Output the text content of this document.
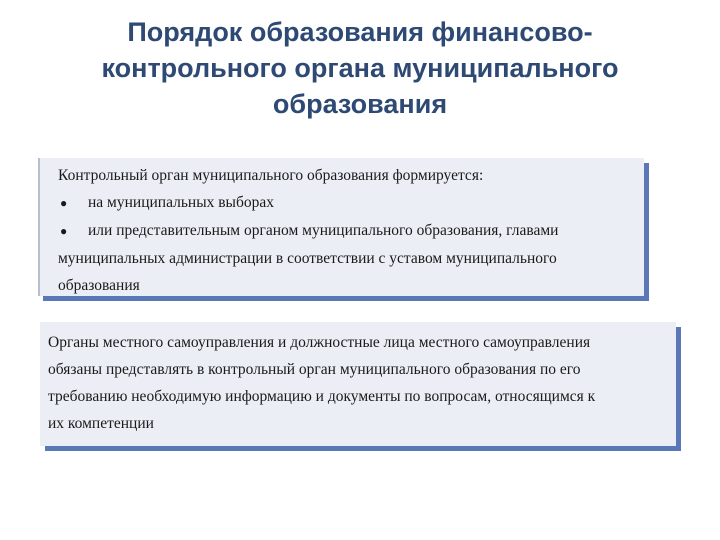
Порядок образования финансово-
контрольного органа муниципального
образования
Контрольный орган муниципального образования формируется:
● на муниципальных выборах
● или представительным органом муниципального образования, главами
муниципальных администрации в соответствии с уставом муниципального
образования
Органы местного самоуправления и должностные лица местного самоуправления
обязаны представлять в контрольный орган муниципального образования по его
требованию необходимую информацию и документы по вопросам, относящимся к
их компетенции
